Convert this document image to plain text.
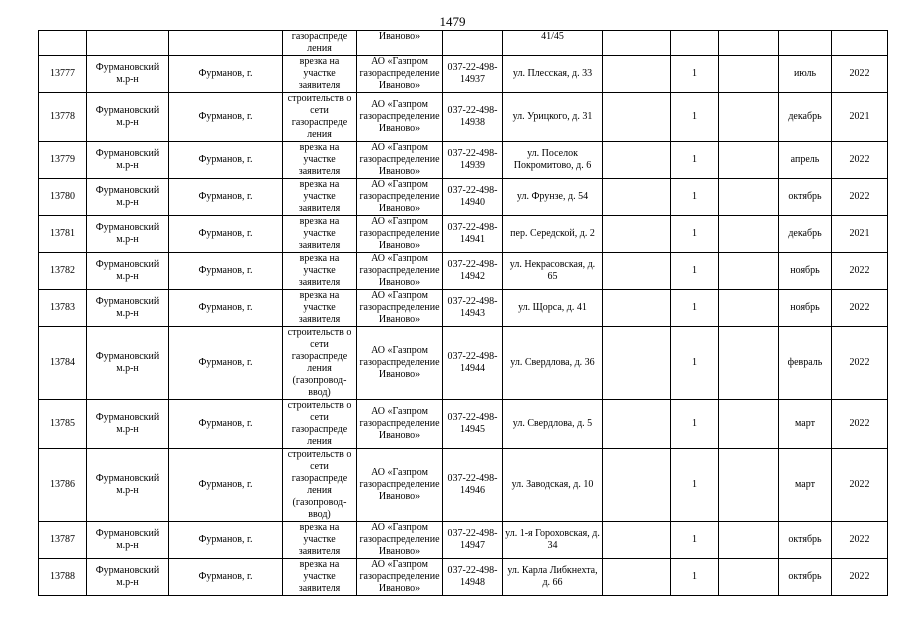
1479
			газораспреде ления	Иваново»		41/45					
13777	Фурмановский м.р-н	Фурманов, г.	врезка на участке заявителя	АО «Газпром газораспределение Иваново»	037-22-498-14937	ул. Плесская, д. 33		1		июль	2022
13778	Фурмановский м.р-н	Фурманов, г.	строительств о сети газораспреде ления	АО «Газпром газораспределение Иваново»	037-22-498-14938	ул. Урицкого, д. 31		1		декабрь	2021
13779	Фурмановский м.р-н	Фурманов, г.	врезка на участке заявителя	АО «Газпром газораспределение Иваново»	037-22-498-14939	ул. Поселок Покромитово, д. 6		1		апрель	2022
13780	Фурмановский м.р-н	Фурманов, г.	врезка на участке заявителя	АО «Газпром газораспределение Иваново»	037-22-498-14940	ул. Фрунзе, д. 54		1		октябрь	2022
13781	Фурмановский м.р-н	Фурманов, г.	врезка на участке заявителя	АО «Газпром газораспределение Иваново»	037-22-498-14941	пер. Середской, д. 2		1		декабрь	2021
13782	Фурмановский м.р-н	Фурманов, г.	врезка на участке заявителя	АО «Газпром газораспределение Иваново»	037-22-498-14942	ул. Некрасовская, д. 65		1		ноябрь	2022
13783	Фурмановский м.р-н	Фурманов, г.	врезка на участке заявителя	АО «Газпром газораспределение Иваново»	037-22-498-14943	ул. Щорса, д. 41		1		ноябрь	2022
13784	Фурмановский м.р-н	Фурманов, г.	строительств о сети газораспреде ления (газопровод-ввод)	АО «Газпром газораспределение Иваново»	037-22-498-14944	ул. Свердлова, д. 36		1		февраль	2022
13785	Фурмановский м.р-н	Фурманов, г.	строительств о сети газораспреде ления	АО «Газпром газораспределение Иваново»	037-22-498-14945	ул. Свердлова, д. 5		1		март	2022
13786	Фурмановский м.р-н	Фурманов, г.	строительств о сети газораспреде ления (газопровод-ввод)	АО «Газпром газораспределение Иваново»	037-22-498-14946	ул. Заводская, д. 10		1		март	2022
13787	Фурмановский м.р-н	Фурманов, г.	врезка на участке заявителя	АО «Газпром газораспределение Иваново»	037-22-498-14947	ул. 1-я Гороховская, д. 34		1		октябрь	2022
13788	Фурмановский м.р-н	Фурманов, г.	врезка на участке заявителя	АО «Газпром газораспределение Иваново»	037-22-498-14948	ул. Карла Либкнехта, д. 66		1		октябрь	2022
